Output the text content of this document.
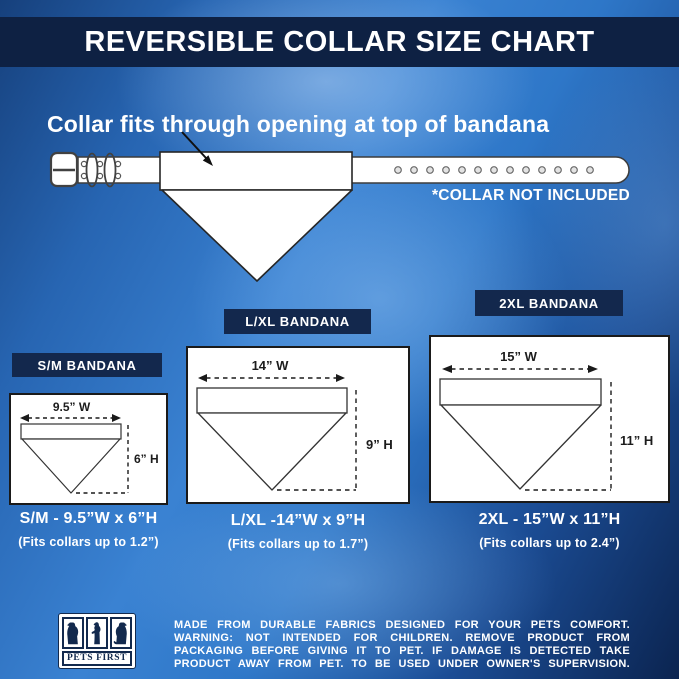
REVERSIBLE COLLAR SIZE CHART
Collar fits through opening at top of bandana
*COLLAR NOT INCLUDED
S/M BANDANA
9.5” W
6” H
S/M - 9.5”W x 6”H
(Fits collars up to 1.2”)
L/XL BANDANA
14” W
9” H
L/XL -14”W x 9”H
(Fits collars up to 1.7”)
2XL BANDANA
15” W
11” H
2XL - 15”W x 11”H
(Fits collars up to 2.4”)
PETS FIRST
MADE FROM DURABLE FABRICS DESIGNED FOR YOUR PETS COMFORT.
WARNING: NOT INTENDED FOR CHILDREN. REMOVE PRODUCT FROM
PACKAGING BEFORE GIVING IT TO PET. IF DAMAGE IS DETECTED TAKE
PRODUCT AWAY FROM PET. TO BE USED UNDER OWNER'S SUPERVISION.
